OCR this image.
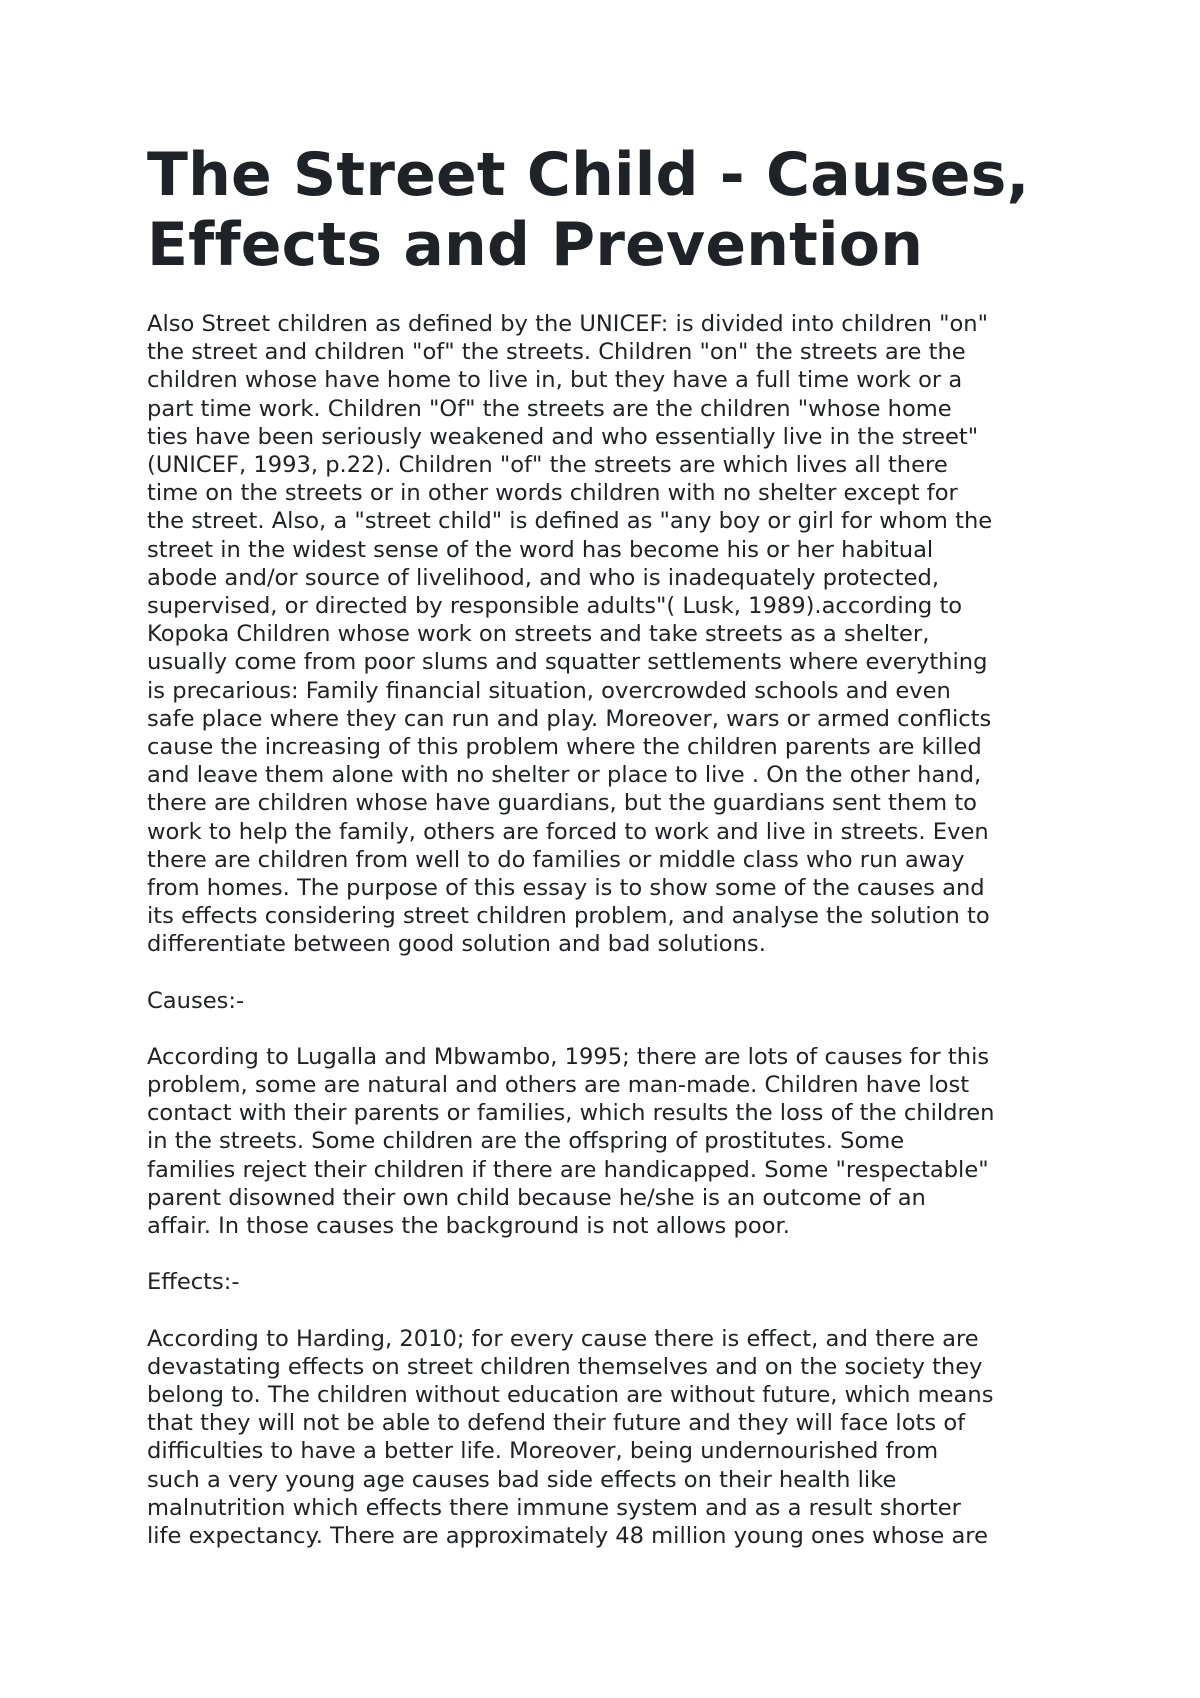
The Street Child - Causes,
Effects and Prevention

Also Street children as defined by the UNICEF: is divided into children "on"
the street and children "of" the streets. Children "on" the streets are the
children whose have home to live in, but they have a full time work or a
part time work. Children "Of" the streets are the children "whose home
ties have been seriously weakened and who essentially live in the street"
(UNICEF, 1993, p.22). Children "of" the streets are which lives all there
time on the streets or in other words children with no shelter except for
the street. Also, a "street child" is defined as "any boy or girl for whom the
street in the widest sense of the word has become his or her habitual
abode and/or source of livelihood, and who is inadequately protected,
supervised, or directed by responsible adults"( Lusk, 1989).according to
Kopoka Children whose work on streets and take streets as a shelter,
usually come from poor slums and squatter settlements where everything
is precarious: Family financial situation, overcrowded schools and even
safe place where they can run and play. Moreover, wars or armed conflicts
cause the increasing of this problem where the children parents are killed
and leave them alone with no shelter or place to live . On the other hand,
there are children whose have guardians, but the guardians sent them to
work to help the family, others are forced to work and live in streets. Even
there are children from well to do families or middle class who run away
from homes. The purpose of this essay is to show some of the causes and
its effects considering street children problem, and analyse the solution to
differentiate between good solution and bad solutions.

Causes:-

According to Lugalla and Mbwambo, 1995; there are lots of causes for this
problem, some are natural and others are man-made. Children have lost
contact with their parents or families, which results the loss of the children
in the streets. Some children are the offspring of prostitutes. Some
families reject their children if there are handicapped. Some "respectable"
parent disowned their own child because he/she is an outcome of an
affair. In those causes the background is not allows poor.

Effects:-

According to Harding, 2010; for every cause there is effect, and there are
devastating effects on street children themselves and on the society they
belong to. The children without education are without future, which means
that they will not be able to defend their future and they will face lots of
difficulties to have a better life. Moreover, being undernourished from
such a very young age causes bad side effects on their health like
malnutrition which effects there immune system and as a result shorter
life expectancy. There are approximately 48 million young ones whose are
